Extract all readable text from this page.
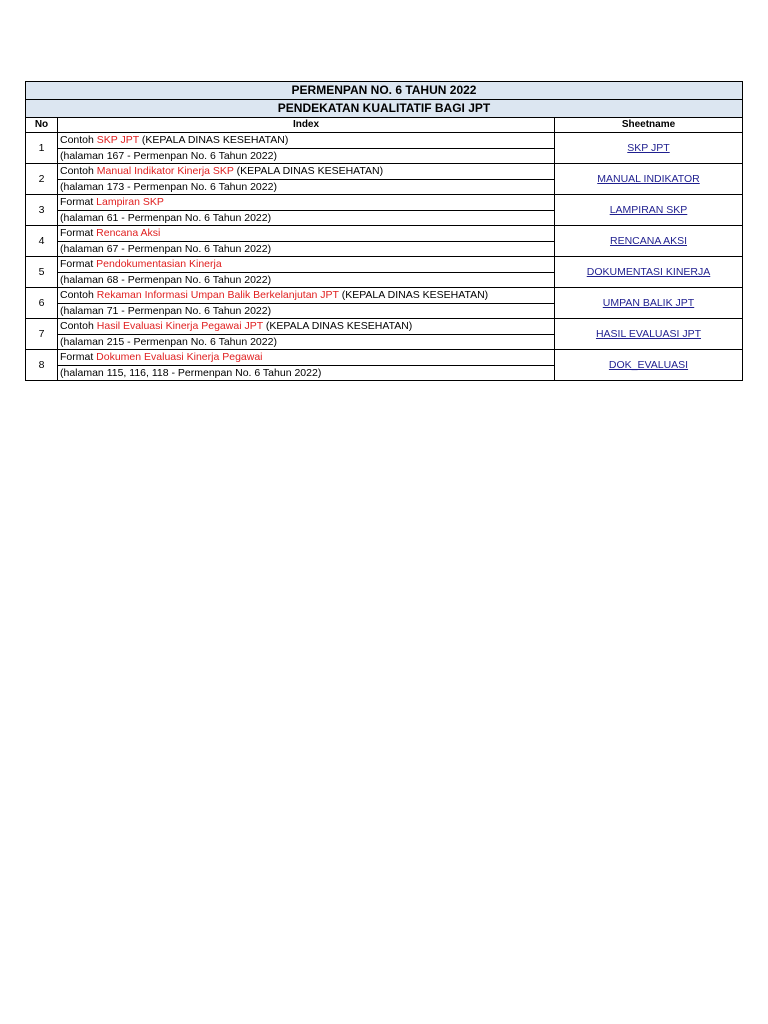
PERMENPAN NO. 6 TAHUN 2022		
PENDEKATAN KUALITATIF BAGI JPT		
No	Index	Sheetname
1	Contoh SKP JPT (KEPALA DINAS KESEHATAN)	SKP JPT
	(halaman 167 - Permenpan No. 6 Tahun 2022)	
2	Contoh Manual Indikator Kinerja SKP (KEPALA DINAS KESEHATAN)	MANUAL INDIKATOR
	(halaman 173 - Permenpan No. 6 Tahun 2022)	
3	Format Lampiran SKP	LAMPIRAN SKP
	(halaman 61 - Permenpan No. 6 Tahun 2022)	
4	Format Rencana Aksi	RENCANA AKSI
	(halaman 67 - Permenpan No. 6 Tahun 2022)	
5	Format Pendokumentasian Kinerja	DOKUMENTASI KINERJA
	(halaman 68 - Permenpan No. 6 Tahun 2022)	
6	Contoh Rekaman Informasi Umpan Balik Berkelanjutan JPT (KEPALA DINAS KESEHATAN)	UMPAN BALIK JPT
	(halaman 71 - Permenpan No. 6 Tahun 2022)	
7	Contoh Hasil Evaluasi Kinerja Pegawai JPT (KEPALA DINAS KESEHATAN)	HASIL EVALUASI JPT
	(halaman 215 - Permenpan No. 6 Tahun 2022)	
8	Format Dokumen Evaluasi Kinerja Pegawai	DOK_EVALUASI
	(halaman 115, 116, 118 - Permenpan No. 6 Tahun 2022)	
